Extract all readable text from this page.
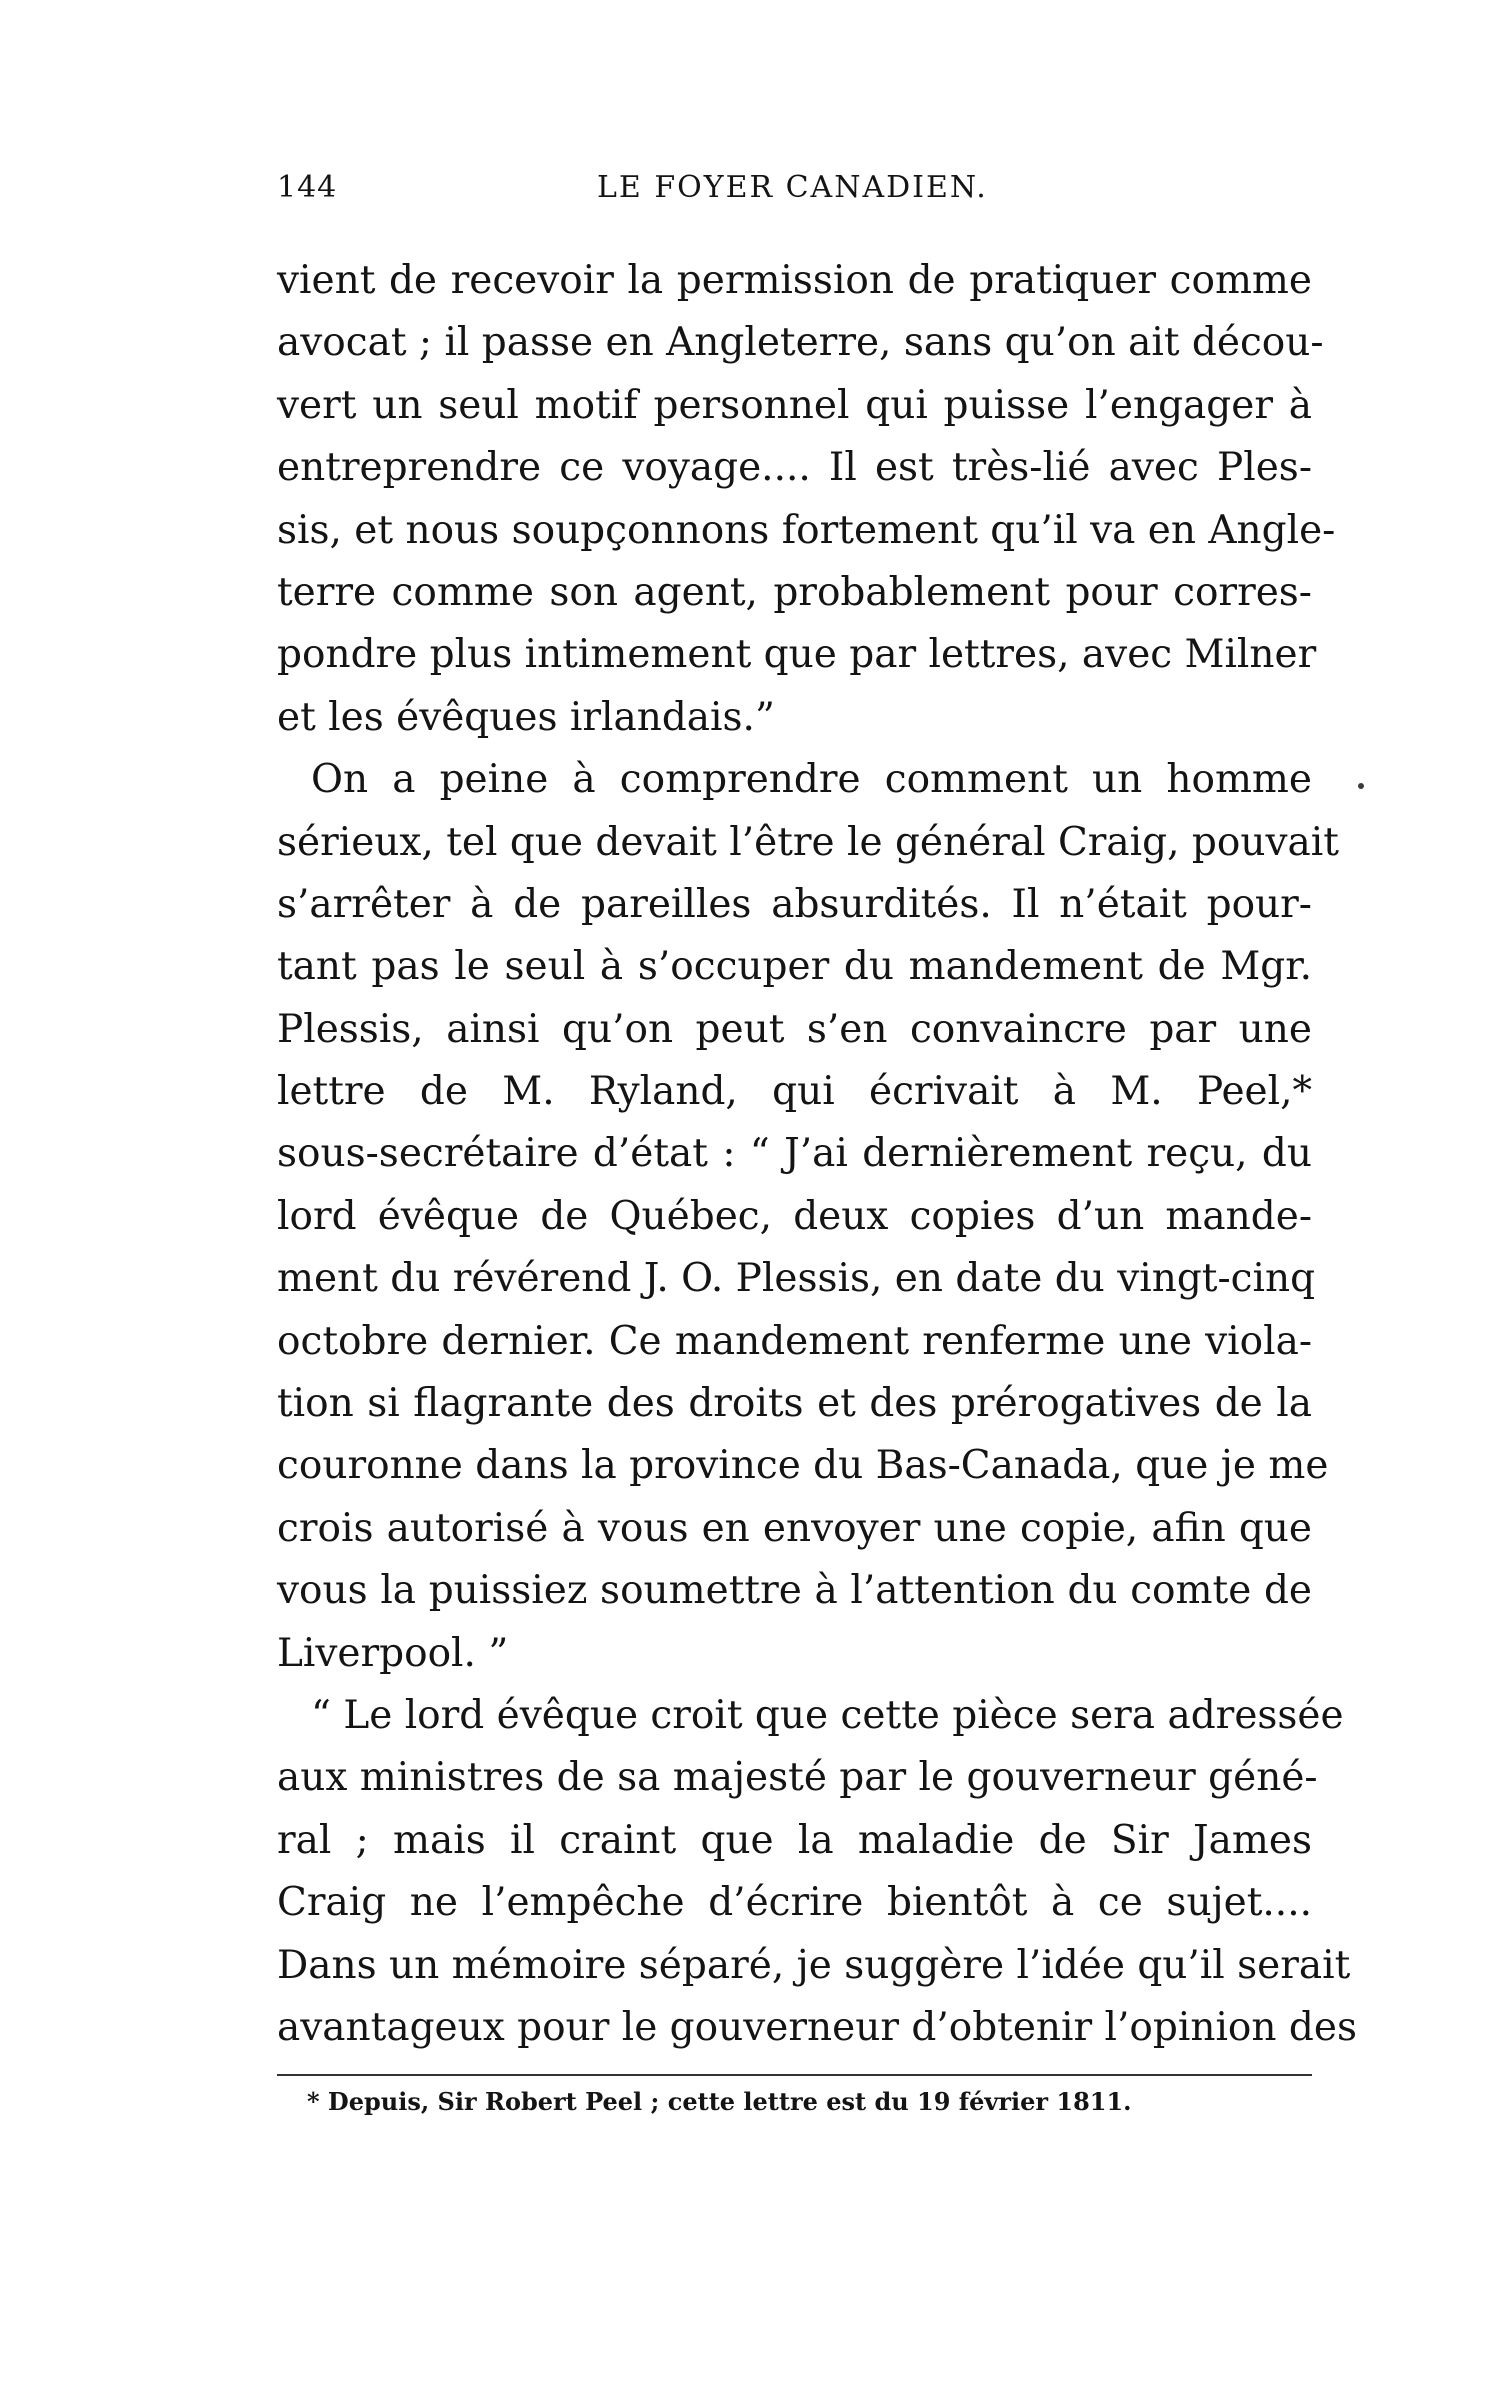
144	LE FOYER CANADIEN.
vient de recevoir la permission de pratiquer comme
avocat ; il passe en Angleterre, sans qu’on ait décou-
vert un seul motif personnel qui puisse l’engager à
entreprendre ce voyage.... Il est très-lié avec Ples-
sis, et nous soupçonnons fortement qu’il va en Angle-
terre comme son agent, probablement pour corres-
pondre plus intimement que par lettres, avec Milner
et les évêques irlandais.”
On a peine à comprendre comment un homme
sérieux, tel que devait l’être le général Craig, pouvait
s’arrêter à de pareilles absurdités. Il n’était pour-
tant pas le seul à s’occuper du mandement de Mgr.
Plessis, ainsi qu’on peut s’en convaincre par une
lettre de M. Ryland, qui écrivait à M. Peel,*
sous-secrétaire d’état : “ J’ai dernièrement reçu, du
lord évêque de Québec, deux copies d’un mande-
ment du révérend J. O. Plessis, en date du vingt-cinq
octobre dernier. Ce mandement renferme une viola-
tion si flagrante des droits et des prérogatives de la
couronne dans la province du Bas-Canada, que je me
crois autorisé à vous en envoyer une copie, afin que
vous la puissiez soumettre à l’attention du comte de
Liverpool. ”
“ Le lord évêque croit que cette pièce sera adressée
aux ministres de sa majesté par le gouverneur géné-
ral ; mais il craint que la maladie de Sir James
Craig ne l’empêche d’écrire bientôt à ce sujet....
Dans un mémoire séparé, je suggère l’idée qu’il serait
avantageux pour le gouverneur d’obtenir l’opinion des
* Depuis, Sir Robert Peel ; cette lettre est du 19 février 1811.
